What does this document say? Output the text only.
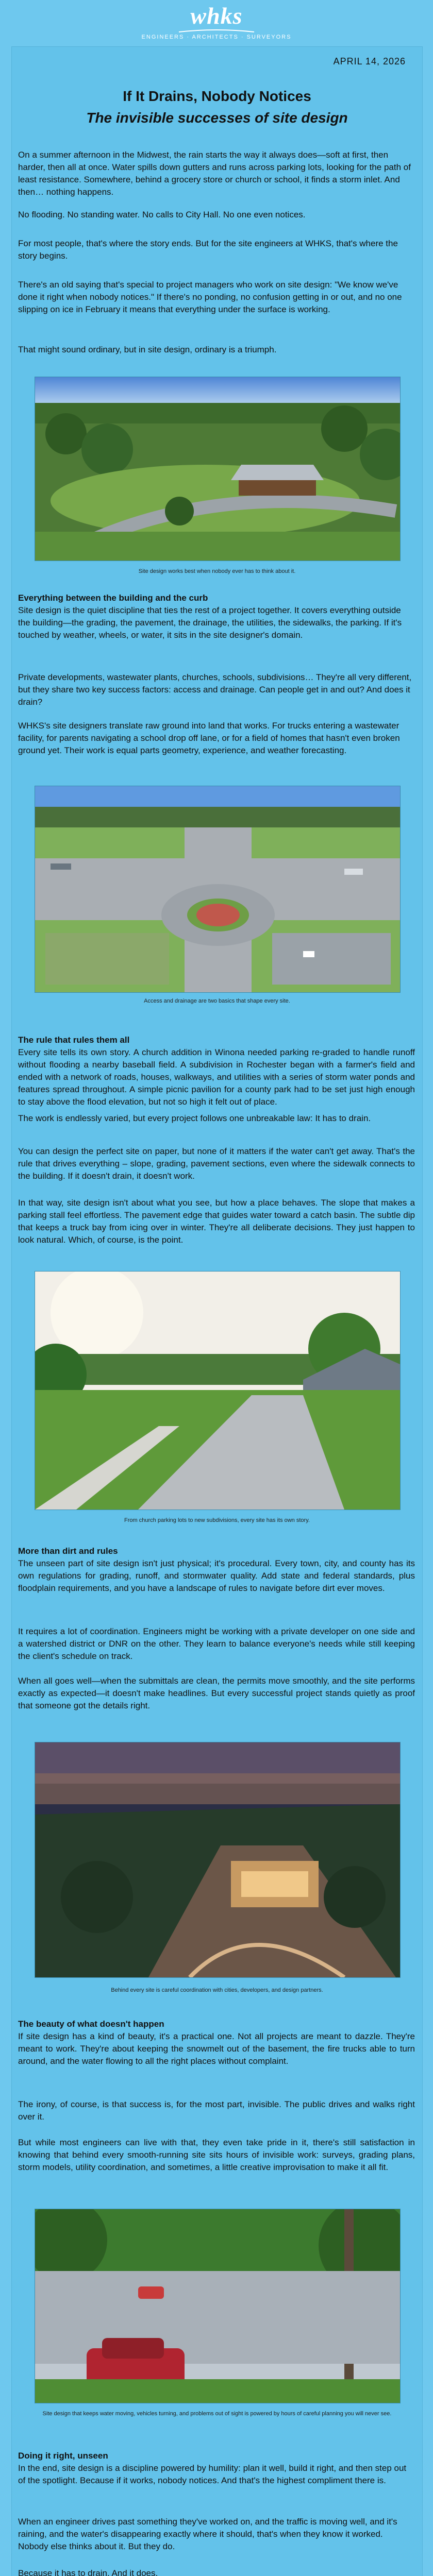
whks
ENGINEERS · ARCHITECTS · SURVEYORS
APRIL 14, 2026
If It Drains, Nobody Notices
The invisible successes of site design

On a summer afternoon in the Midwest, the rain starts the way it always does—soft at first, then harder, then all at once. Water spills down gutters and runs across parking lots, looking for the path of least resistance. Somewhere, behind a grocery store or church or school, it finds a storm inlet. And then… nothing happens.

No flooding. No standing water. No calls to City Hall. No one even notices.

For most people, that's where the story ends. But for the site engineers at WHKS, that's where the story begins.

There's an old saying that's special to project managers who work on site design: "We know we've done it right when nobody notices." If there's no ponding, no confusion getting in or out, and no one slipping on ice in February it means that everything under the surface is working.

That might sound ordinary, but in site design, ordinary is a triumph.

Site design works best when nobody ever has to think about it.

Everything between the building and the curb
Site design is the quiet discipline that ties the rest of a project together. It covers everything outside the building—the grading, the pavement, the drainage, the utilities, the sidewalks, the parking. If it's touched by weather, wheels, or water, it sits in the site designer's domain.

Private developments, wastewater plants, churches, schools, subdivisions… They're all very different, but they share two key success factors: access and drainage. Can people get in and out? And does it drain?

WHKS's site designers translate raw ground into land that works. For trucks entering a wastewater facility, for parents navigating a school drop off lane, or for a field of homes that hasn't even broken ground yet. Their work is equal parts geometry, experience, and weather forecasting.

Access and drainage are two basics that shape every site.

The rule that rules them all
Every site tells its own story. A church addition in Winona needed parking re-graded to handle runoff without flooding a nearby baseball field. A subdivision in Rochester began with a farmer's field and ended with a network of roads, houses, walkways, and utilities with a series of storm water ponds and features spread throughout. A simple picnic pavilion for a county park had to be set just high enough to stay above the flood elevation, but not so high it felt out of place.

The work is endlessly varied, but every project follows one unbreakable law: It has to drain.

You can design the perfect site on paper, but none of it matters if the water can't get away. That's the rule that drives everything – slope, grading, pavement sections, even where the sidewalk connects to the building. If it doesn't drain, it doesn't work.

In that way, site design isn't about what you see, but how a place behaves. The slope that makes a parking stall feel effortless. The pavement edge that guides water toward a catch basin. The subtle dip that keeps a truck bay from icing over in winter. They're all deliberate decisions. They just happen to look natural. Which, of course, is the point.

From church parking lots to new subdivisions, every site has its own story.

More than dirt and rules
The unseen part of site design isn't just physical; it's procedural. Every town, city, and county has its own regulations for grading, runoff, and stormwater quality. Add state and federal standards, plus floodplain requirements, and you have a landscape of rules to navigate before dirt ever moves.

It requires a lot of coordination. Engineers might be working with a private developer on one side and a watershed district or DNR on the other. They learn to balance everyone's needs while still keeping the client's schedule on track.

When all goes well—when the submittals are clean, the permits move smoothly, and the site performs exactly as expected—it doesn't make headlines. But every successful project stands quietly as proof that someone got the details right.

Behind every site is careful coordination with cities, developers, and design partners.

The beauty of what doesn't happen
If site design has a kind of beauty, it's a practical one. Not all projects are meant to dazzle. They're meant to work. They're about keeping the snowmelt out of the basement, the fire trucks able to turn around, and the water flowing to all the right places without complaint.

The irony, of course, is that success is, for the most part, invisible. The public drives and walks right over it.

But while most engineers can live with that, they even take pride in it, there's still satisfaction in knowing that behind every smooth-running site sits hours of invisible work: surveys, grading plans, storm models, utility coordination, and sometimes, a little creative improvisation to make it all fit.

Site design that keeps water moving, vehicles turning, and problems out of sight is powered by hours of careful planning you will never see.

Doing it right, unseen
In the end, site design is a discipline powered by humility: plan it well, build it right, and then step out of the spotlight. Because if it works, nobody notices. And that's the highest compliment there is.

When an engineer drives past something they've worked on, and the traffic is moving well, and it's raining, and the water's disappearing exactly where it should, that's when they know it worked. Nobody else thinks about it. But they do.

Because it has to drain. And it does.
